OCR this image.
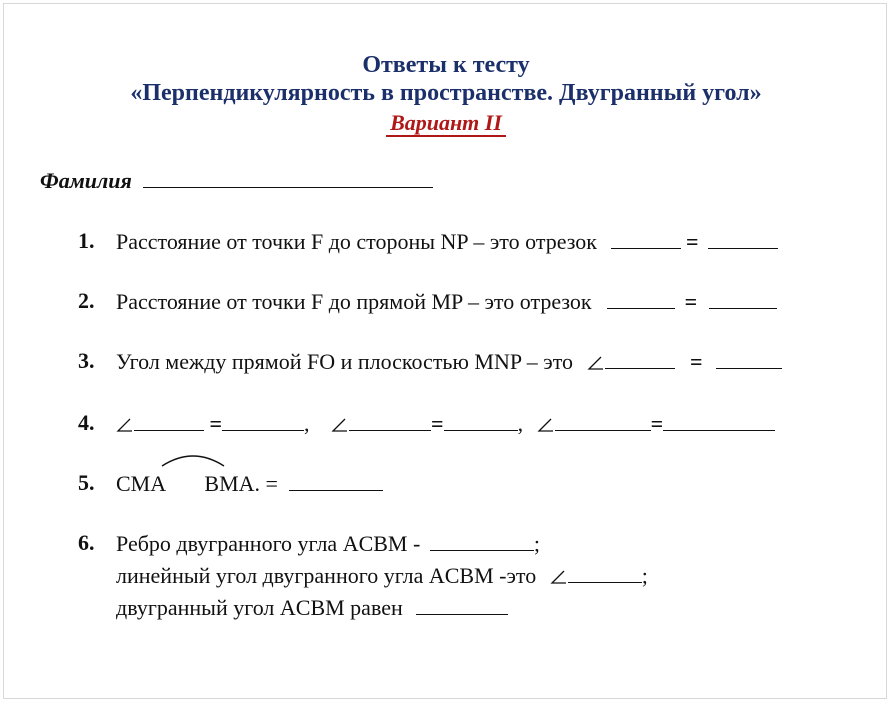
Ответы к тесту
«Перпендикулярность в пространстве. Двугранный угол»
Вариант II
Фамилия
1. Расстояние от точки F до стороны NP – это отрезок	=
2. Расстояние от точки F до прямой MP – это отрезок	=
3. Угол между прямой FO и плоскостью MNP – это	=
4.	=	,	=	,	=
5. CMA BMA. =
6. Ребро двугранного угла ACBM -	;
линейный угол двугранного угла ACBM -это	;
двугранный угол ACBM равен
